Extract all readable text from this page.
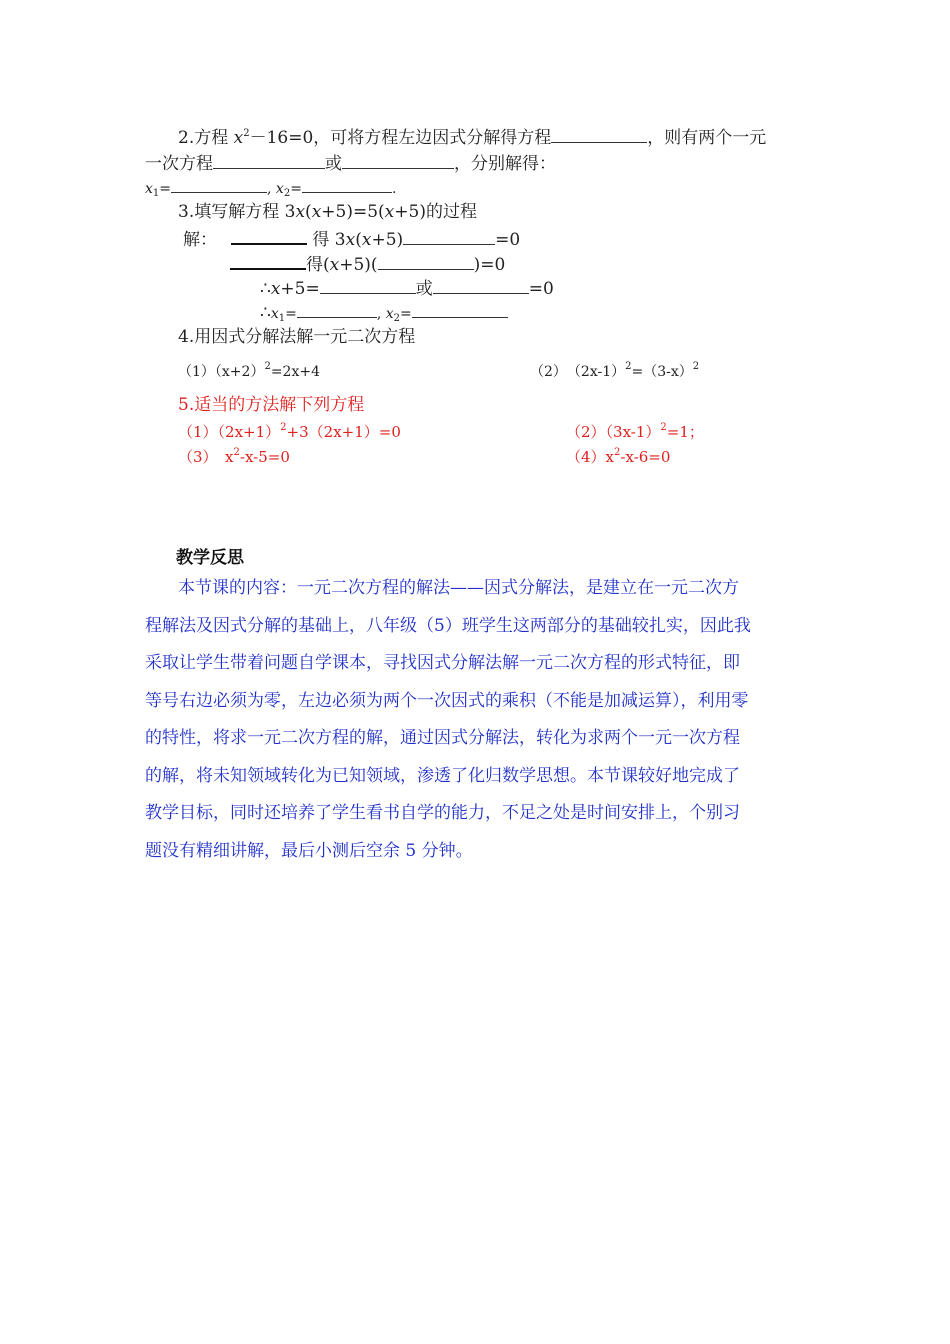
2.方程 $x^2-16=0$，可将方程左边因式分解得方程	，则有两个一元
一次方程	或	，分别解得：
$x_1=$	, $x_2=$	.
3.填写解方程 3x(x+5)=5(x+5)的过程
解：	得 3x(x+5)	=0
得(x+5)(	)=0
∴x+5=	或	=0
$\therefore x_1=$	, $x_2=$
4.用因式分解法解一元二次方程
$(1)(x+2)^2=2x+4$	（2）　$(2x-1)^2=(3-x)^2$
5.适当的方法解下列方程
$(1)(2x+1)^2+3(2x+1)=0$	$(2)(3x-1)^2=1$；
（3）　$x^2-x-5=0$	$(4)x^2-x-6=0$
教学反思
本节课的内容：一元二次方程的解法——因式分解法，是建立在一元二次方
程解法及因式分解的基础上，八年级（5）班学生这两部分的基础较扎实，因此我
采取让学生带着问题自学课本，寻找因式分解法解一元二次方程的形式特征，即
等号右边必须为零，左边必须为两个一次因式的乘积（不能是加减运算），利用零
的特性，将求一元二次方程的解，通过因式分解法，转化为求两个一元一次方程
的解，将未知领域转化为已知领域，渗透了化归数学思想。本节课较好地完成了
教学目标，同时还培养了学生看书自学的能力，不足之处是时间安排上，个别习
题没有精细讲解，最后小测后空余 5 分钟。
